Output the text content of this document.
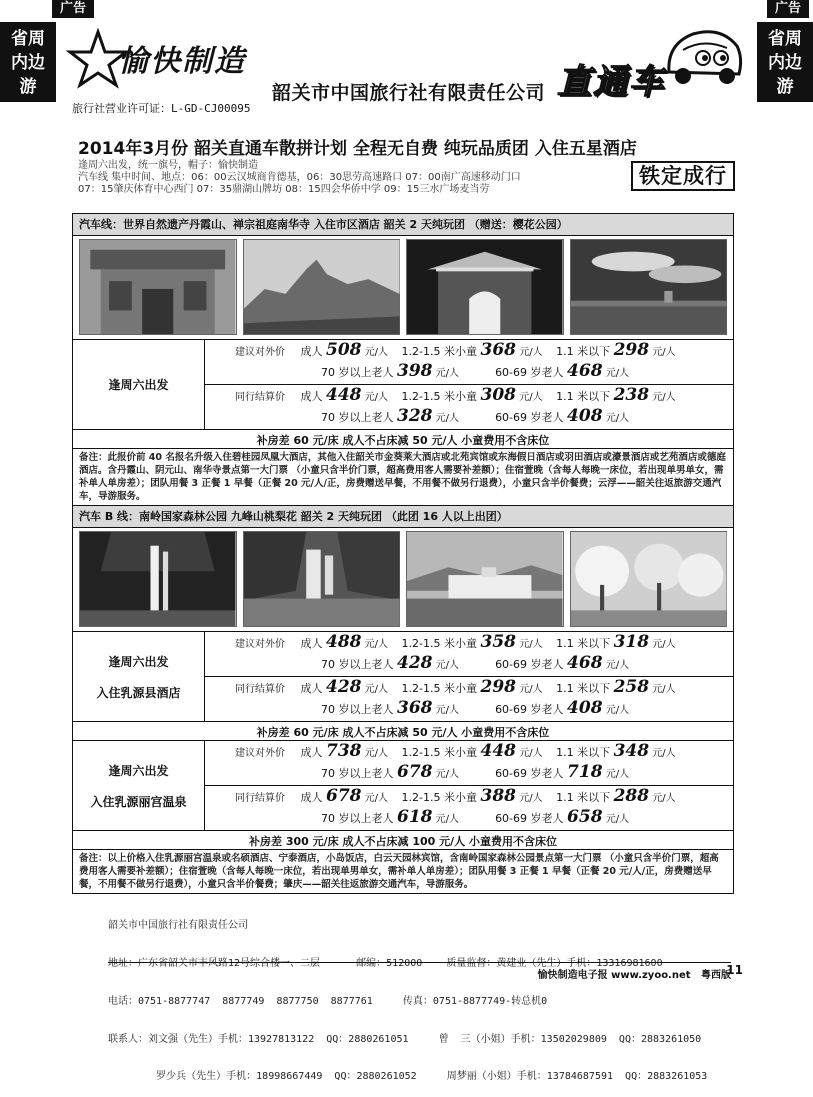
广告	广告
省周
内边
游
省周
内边
游
愉快制造
旅行社营业许可证：L-GD-CJ00095
韶关市中国旅行社有限责任公司 直通车
2014年3月份 韶关直通车散拼计划 全程无自费 纯玩品质团 入住五星酒店
逢周六出发，统一旗号，帽子：愉快制造
汽车线 集中时间、地点：06：00云汉城商肯德基，06：30思劳高速路口 07：00南广高速移动门口
07：15肇庆体育中心西门 07：35鼎湖山牌坊 08：15四会华侨中学 09：15三水广场麦当劳
铁定成行
汽车线：世界自然遗产丹霞山、禅宗祖庭南华寺 入住市区酒店 韶关 2 天纯玩团 （赠送：樱花公园）
逢周六出发
建议对外价 成人 508 元/人 1.2-1.5 米小童 368 元/人 1.1 米以下 298 元/人
70 岁以上老人 398 元/人	60-69 岁老人 468 元/人
同行结算价 成人 448 元/人 1.2-1.5 米小童 308 元/人 1.1 米以下 238 元/人
70 岁以上老人 328 元/人	60-69 岁老人 408 元/人
补房差 60 元/床 成人不占床减 50 元/人 小童费用不含床位
备注：此报价前 40 名报名升级入住碧桂园凤凰大酒店，其他入住韶关市金葵莱大酒店或北苑宾馆或东海假日酒店或羽田酒店或濠景酒店或艺苑酒店或德庭酒店。含丹霞山、阴元山、南华寺景点第一大门票 （小童只含半价门票，超高费用客人需要补差额）；住宿萱晚（含每人每晚一床位，若出现单男单女，需补单人单房差）；团队用餐 3 正餐 1 早餐（正餐 20 元/人/正，房费赠送早餐，不用餐不做另行退费），小童只含半价餐费；云浮——韶关往返旅游交通汽车，导游服务。
汽车 B 线：南岭国家森林公园 九峰山桃梨花 韶关 2 天纯玩团 （此团 16 人以上出团）
逢周六出发
入住乳源县酒店
建议对外价 成人 488 元/人 1.2-1.5 米小童 358 元/人 1.1 米以下 318 元/人
70 岁以上老人 428 元/人	60-69 岁老人 468 元/人
同行结算价 成人 428 元/人 1.2-1.5 米小童 298 元/人 1.1 米以下 258 元/人
70 岁以上老人 368 元/人	60-69 岁老人 408 元/人
补房差 60 元/床 成人不占床减 50 元/人 小童费用不含床位
逢周六出发
入住乳源丽宫温泉
建议对外价 成人 738 元/人 1.2-1.5 米小童 448 元/人 1.1 米以下 348 元/人
70 岁以上老人 678 元/人	60-69 岁老人 718 元/人
同行结算价 成人 678 元/人 1.2-1.5 米小童 388 元/人 1.1 米以下 288 元/人
70 岁以上老人 618 元/人	60-69 岁老人 658 元/人
补房差 300 元/床 成人不占床减 100 元/人 小童费用不含床位
备注：以上价格入住乳源丽宫温泉或名硕酒店、宁泰酒店，小岛饭店，白云天园林宾馆，含南岭国家森林公园景点第一大门票 （小童只含半价门票，超高费用客人需要补差额）；住宿萱晚（含每人每晚一床位，若出现单男单女，需补单人单房差）；团队用餐 3 正餐 1 早餐（正餐 20 元/人/正，房费赠送早餐，不用餐不做另行退费），小童只含半价餐费；肇庆——韶关往返旅游交通汽车，导游服务。

韶关市中国旅行社有限责任公司

地址：广东省韶关市丰风路12号综合楼一、二层      邮编：512000    质量监督：黄建业（先生）手机：13316981600

电话：0751-8877747  8877749  8877750  8877761     传真：0751-8877749-转总机0

联系人：刘文强（先生）手机：13927813122  QQ：2880261051     曾  三（小姐）手机：13502029809  QQ：2883261050

罗少兵（先生）手机：18998667449  QQ：2880261052     周梦丽（小姐）手机：13784687591  QQ：2883261053

愉快制造电子报 www.zyoo.net 粤西版
11
